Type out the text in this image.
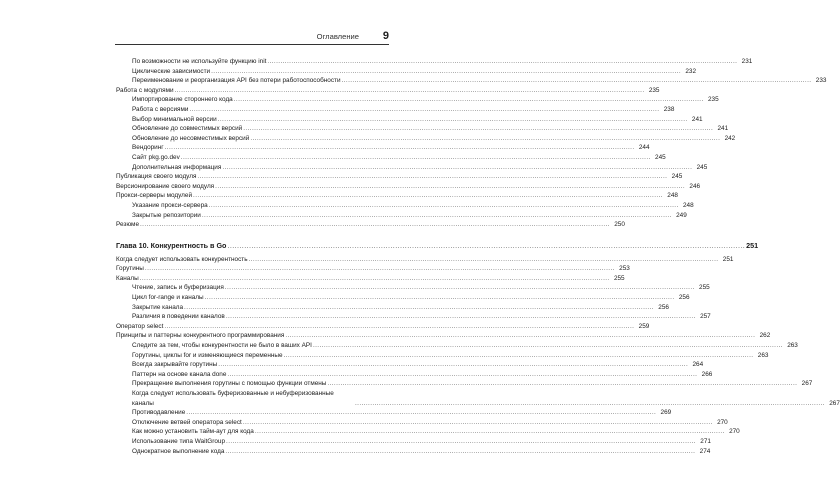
Оглавление 9
По возможности не используйте функцию init .....	231
Циклические зависимости .....	232
Переименование и реорганизация API без потери работоспособности .....	233
Работа с модулями .....	235
Импортирование стороннего кода .....	235
Работа с версиями .....	238
Выбор минимальной версии .....	241
Обновление до совместимых версий .....	241
Обновление до несовместимых версий .....	242
Вендоринг .....	244
Сайт pkg.go.dev .....	245
Дополнительная информация .....	245
Публикация своего модуля .....	245
Версионирование своего модуля .....	246
Прокси-серверы модулей .....	248
Указание прокси-сервера .....	248
Закрытые репозитории .....	249
Резюме .....	250
Глава 10. Конкурентность в Go .....	251
Когда следует использовать конкурентность .....	251
Горутины .....	253
Каналы .....	255
Чтение, запись и буферизация .....	255
Цикл for-range и каналы .....	256
Закрытие канала .....	256
Различия в поведении каналов .....	257
Оператор select .....	259
Принципы и паттерны конкурентного программирования .....	262
Следите за тем, чтобы конкурентности не было в ваших API .....	263
Горутины, циклы for и изменяющиеся переменные .....	263
Всегда закрывайте горутины .....	264
Паттерн на основе канала done .....	266
Прекращение выполнения горутины с помощью функции отмены .....	267
Когда следует использовать буферизованные и небуферизованные каналы .....	267
Противодавление .....	269
Отключение ветвей оператора select .....	270
Как можно установить тайм-аут для кода .....	270
Использование типа WaitGroup .....	271
Однократное выполнение кода .....	274
